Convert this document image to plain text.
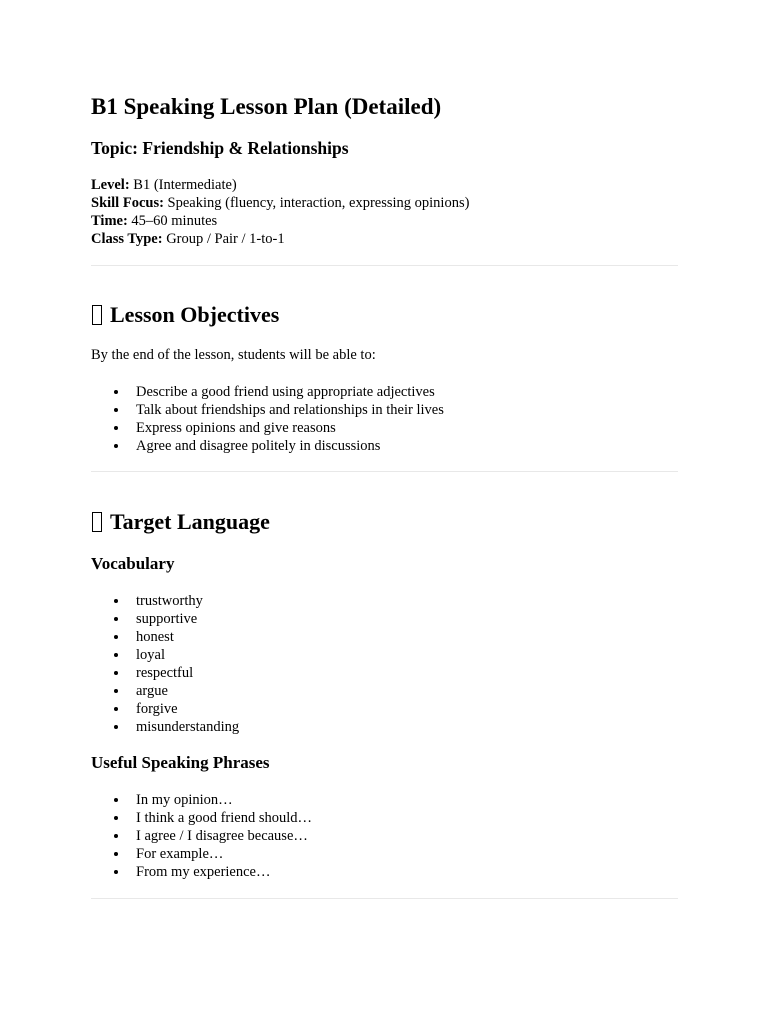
B1 Speaking Lesson Plan (Detailed)
Topic: Friendship & Relationships
Level: B1 (Intermediate)
Skill Focus: Speaking (fluency, interaction, expressing opinions)
Time: 45–60 minutes
Class Type: Group / Pair / 1-to-1
Lesson Objectives

By the end of the lesson, students will be able to:

Describe a good friend using appropriate adjectives
Talk about friendships and relationships in their lives
Express opinions and give reasons
Agree and disagree politely in discussions
Target Language
Vocabulary
trustworthy
supportive
honest
loyal
respectful
argue
forgive
misunderstanding
Useful Speaking Phrases
In my opinion…
I think a good friend should…
I agree / I disagree because…
For example…
From my experience…
